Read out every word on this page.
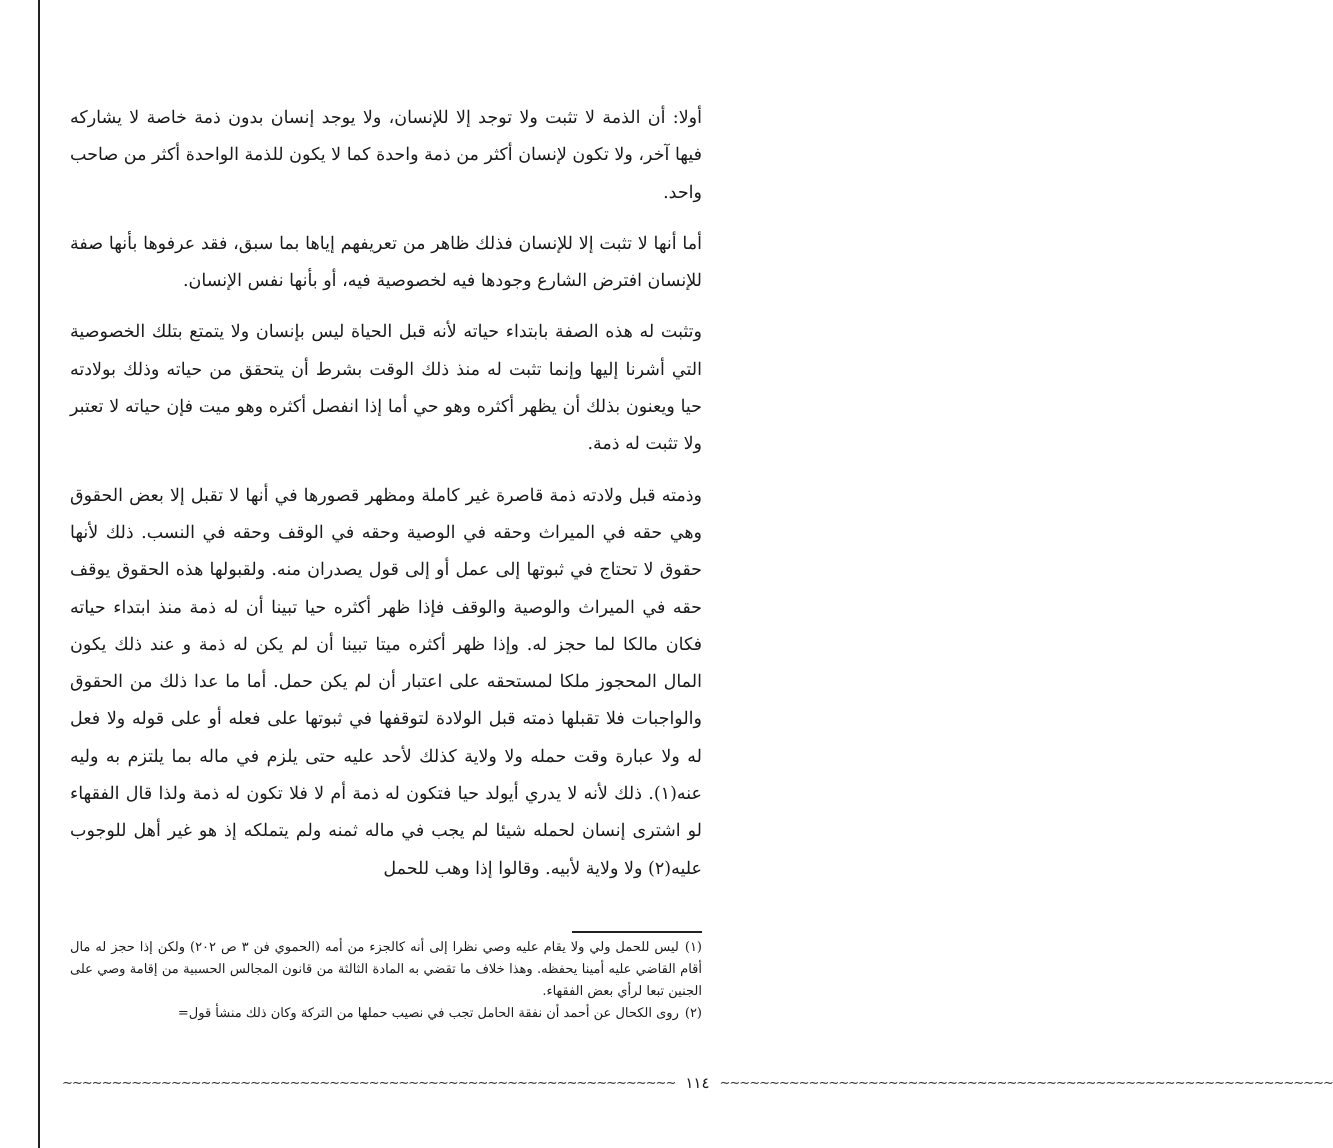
أولا: أن الذمة لا تثبت ولا توجد إلا للإنسان، ولا يوجد إنسان بدون ذمة خاصة لا يشاركه فيها آخر، ولا تكون لإنسان أكثر من ذمة واحدة كما لا يكون للذمة الواحدة أكثر من صاحب واحد.

أما أنها لا تثبت إلا للإنسان فذلك ظاهر من تعريفهم إياها بما سبق، فقد عرفوها بأنها صفة للإنسان افترض الشارع وجودها فيه لخصوصية فيه، أو بأنها نفس الإنسان.

وتثبت له هذه الصفة بابتداء حياته لأنه قبل الحياة ليس بإنسان ولا يتمتع بتلك الخصوصية التي أشرنا إليها وإنما تثبت له منذ ذلك الوقت بشرط أن يتحقق من حياته وذلك بولادته حيا ويعنون بذلك أن يظهر أكثره وهو حي أما إذا انفصل أكثره وهو ميت فإن حياته لا تعتبر ولا تثبت له ذمة.

وذمته قبل ولادته ذمة قاصرة غير كاملة ومظهر قصورها في أنها لا تقبل إلا بعض الحقوق وهي حقه في الميراث وحقه في الوصية وحقه في الوقف وحقه في النسب. ذلك لأنها حقوق لا تحتاج في ثبوتها إلى عمل أو إلى قول يصدران منه. ولقبولها هذه الحقوق يوقف حقه في الميراث والوصية والوقف فإذا ظهر أكثره حيا تبينا أن له ذمة منذ ابتداء حياته فكان مالكا لما حجز له. وإذا ظهر أكثره ميتا تبينا أن لم يكن له ذمة و عند ذلك يكون المال المحجوز ملكا لمستحقه على اعتبار أن لم يكن حمل. أما ما عدا ذلك من الحقوق والواجبات فلا تقبلها ذمته قبل الولادة لتوقفها في ثبوتها على فعله أو على قوله ولا فعل له ولا عبارة وقت حمله ولا ولاية كذلك لأحد عليه حتى يلزم في ماله بما يلتزم به وليه عنه(١). ذلك لأنه لا يدري أيولد حيا فتكون له ذمة أم لا فلا تكون له ذمة ولذا قال الفقهاء لو اشترى إنسان لحمله شيئا لم يجب في ماله ثمنه ولم يتملكه إذ هو غير أهل للوجوب عليه(٢) ولا ولاية لأبيه. وقالوا إذا وهب للحمل

(١)ليس للحمل ولي ولا يقام عليه وصي نظرا إلى أنه كالجزء من أمه (الحموي فن ٣ ص ٢٠٢) ولكن إذا حجز له مال أقام القاضي عليه أمينا يحفظه. وهذا خلاف ما تقضي به المادة الثالثة من قانون المجالس الحسبية من إقامة وصي على الجنين تبعا لرأي بعض الفقهاء.

(٢)روى الكحال عن أحمد أن نفقة الحامل تجب في نصيب حملها من التركة وكان ذلك منشأ قول=

∼∼∼∼∼∼∼∼∼∼∼∼∼∼∼∼∼∼∼∼∼∼∼∼∼∼∼∼∼∼∼∼∼∼∼∼∼∼∼∼∼∼∼∼∼∼∼∼∼∼∼∼∼∼∼∼∼∼∼∼∼∼ ١١٤ ∼∼∼∼∼∼∼∼∼∼∼∼∼∼∼∼∼∼∼∼∼∼∼∼∼∼∼∼∼∼∼∼∼∼∼∼∼∼∼∼∼∼∼∼∼∼∼∼∼∼∼∼∼∼∼∼∼∼∼∼∼∼
